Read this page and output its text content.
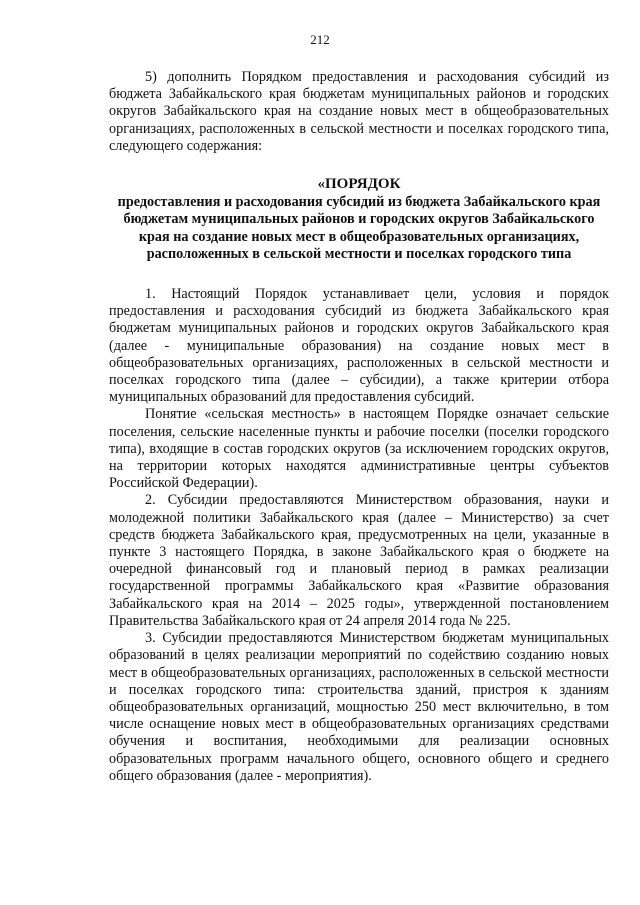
212

5) дополнить Порядком предоставления и расходования субсидий из бюджета Забайкальского края бюджетам муниципальных районов и городских округов Забайкальского края на создание новых мест в общеобразовательных организациях, расположенных в сельской местности и поселках городского типа, следующего содержания:

«ПОРЯДОК
предоставления и расходования субсидий из бюджета Забайкальского края бюджетам муниципальных районов и городских округов Забайкальского края на создание новых мест в общеобразовательных организациях, расположенных в сельской местности и поселках городского типа

1. Настоящий Порядок устанавливает цели, условия и порядок предоставления и расходования субсидий из бюджета Забайкальского края бюджетам муниципальных районов и городских округов Забайкальского края (далее - муниципальные образования) на создание новых мест в общеобразовательных организациях, расположенных в сельской местности и поселках городского типа (далее – субсидии), а также критерии отбора муниципальных образований для предоставления субсидий.

Понятие «сельская местность» в настоящем Порядке означает сельские поселения, сельские населенные пункты и рабочие поселки (поселки городского типа), входящие в состав городских округов (за исключением городских округов, на территории которых находятся административные центры субъектов Российской Федерации).

2. Субсидии предоставляются Министерством образования, науки и молодежной политики Забайкальского края (далее – Министерство) за счет средств бюджета Забайкальского края, предусмотренных на цели, указанные в пункте 3 настоящего Порядка, в законе Забайкальского края о бюджете на очередной финансовый год и плановый период в рамках реализации государственной программы Забайкальского края «Развитие образования Забайкальского края на 2014 – 2025 годы», утвержденной постановлением Правительства Забайкальского края от 24 апреля 2014 года № 225.

3. Субсидии предоставляются Министерством бюджетам муниципальных образований в целях реализации мероприятий по содействию созданию новых мест в общеобразовательных организациях, расположенных в сельской местности и поселках городского типа: строительства зданий, пристроя к зданиям общеобразовательных организаций, мощностью 250 мест включительно, в том числе оснащение новых мест в общеобразовательных организациях средствами обучения и воспитания, необходимыми для реализации основных образовательных программ начального общего, основного общего и среднего общего образования (далее - мероприятия).
